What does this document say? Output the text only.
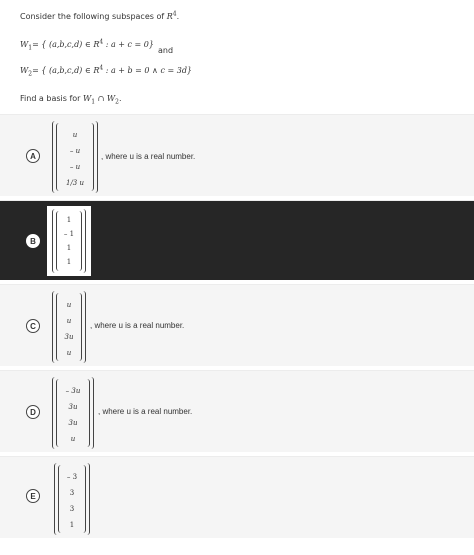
Consider the following subspaces of $R^4$.
$W_1=$ { (a,b,c,d) ∈ $R^4$ : a + c = 0}
and
$W_2=$ { (a,b,c,d) ∈ $R^4$ : a + b = 0 ∧ c = 3d}
Find a basis for $W_1$ ∩ $W_2$.
A
u
– u
– u
1/3 u
, where u is a real number.
B
1
– 1
1
1
C
u
u
3u
u
, where u is a real number.
D
– 3u
3u
3u
u
, where u is a real number.
E
– 3
3
3
1
